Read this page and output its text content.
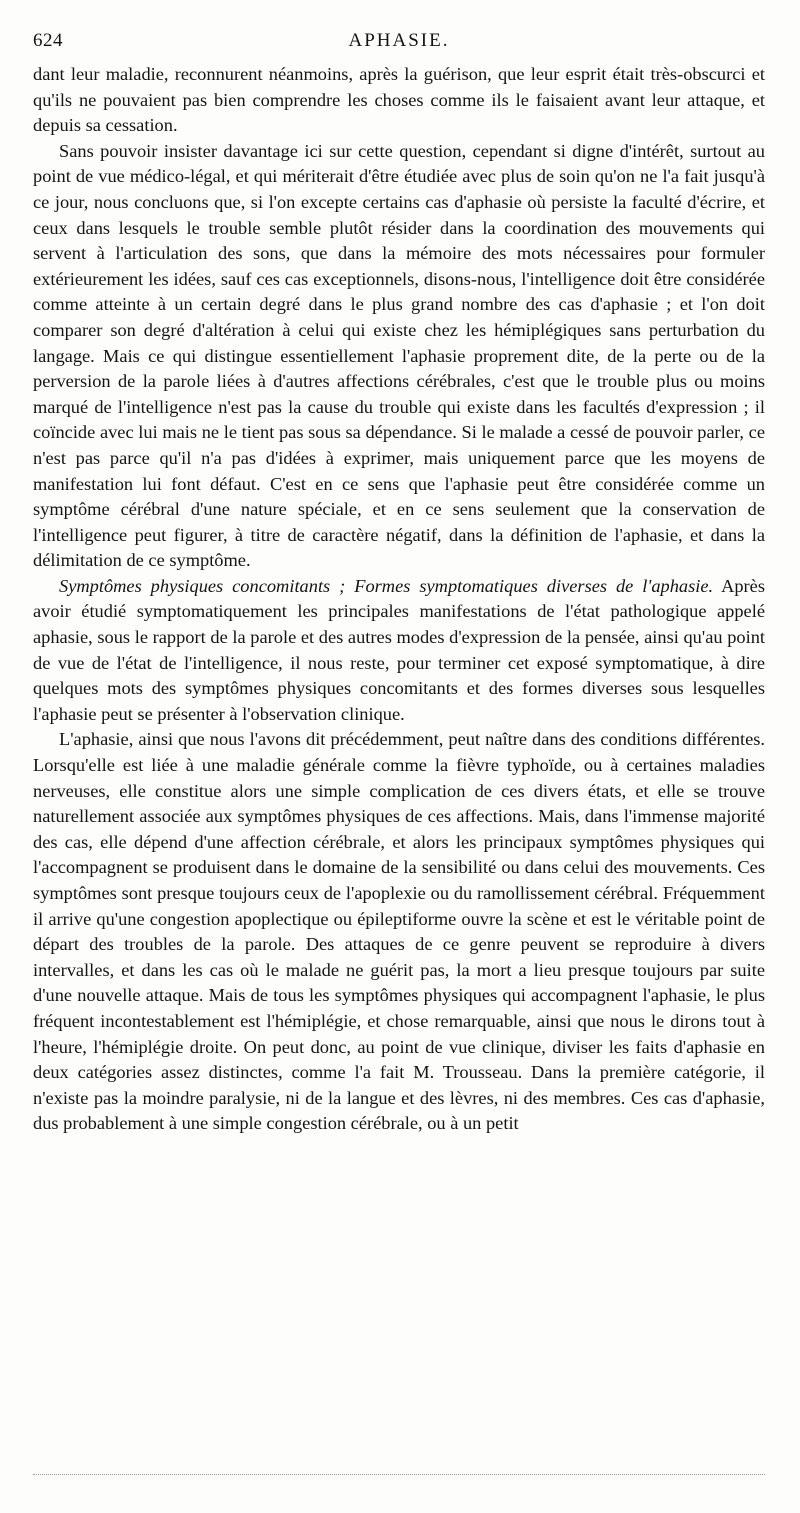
624	APHASIE.

dant leur maladie, reconnurent néanmoins, après la guérison, que leur esprit était très-obscurci et qu'ils ne pouvaient pas bien comprendre les choses comme ils le faisaient avant leur attaque, et depuis sa cessation.

Sans pouvoir insister davantage ici sur cette question, cependant si digne d'intérêt, surtout au point de vue médico-légal, et qui mériterait d'être étudiée avec plus de soin qu'on ne l'a fait jusqu'à ce jour, nous concluons que, si l'on excepte certains cas d'aphasie où persiste la faculté d'écrire, et ceux dans lesquels le trouble semble plutôt résider dans la coordination des mouvements qui servent à l'articulation des sons, que dans la mémoire des mots nécessaires pour formuler extérieurement les idées, sauf ces cas exceptionnels, disons-nous, l'intelligence doit être considérée comme atteinte à un certain degré dans le plus grand nombre des cas d'aphasie ; et l'on doit comparer son degré d'altération à celui qui existe chez les hémiplégiques sans perturbation du langage. Mais ce qui distingue essentiellement l'aphasie proprement dite, de la perte ou de la perversion de la parole liées à d'autres affections cérébrales, c'est que le trouble plus ou moins marqué de l'intelligence n'est pas la cause du trouble qui existe dans les facultés d'expression ; il coïncide avec lui mais ne le tient pas sous sa dépendance. Si le malade a cessé de pouvoir parler, ce n'est pas parce qu'il n'a pas d'idées à exprimer, mais uniquement parce que les moyens de manifestation lui font défaut. C'est en ce sens que l'aphasie peut être considérée comme un symptôme cérébral d'une nature spéciale, et en ce sens seulement que la conservation de l'intelligence peut figurer, à titre de caractère négatif, dans la définition de l'aphasie, et dans la délimitation de ce symptôme.

Symptômes physiques concomitants ; Formes symptomatiques diverses de l'aphasie. Après avoir étudié symptomatiquement les principales manifestations de l'état pathologique appelé aphasie, sous le rapport de la parole et des autres modes d'expression de la pensée, ainsi qu'au point de vue de l'état de l'intelligence, il nous reste, pour terminer cet exposé symptomatique, à dire quelques mots des symptômes physiques concomitants et des formes diverses sous lesquelles l'aphasie peut se présenter à l'observation clinique.

L'aphasie, ainsi que nous l'avons dit précédemment, peut naître dans des conditions différentes. Lorsqu'elle est liée à une maladie générale comme la fièvre typhoïde, ou à certaines maladies nerveuses, elle constitue alors une simple complication de ces divers états, et elle se trouve naturellement associée aux symptômes physiques de ces affections. Mais, dans l'immense majorité des cas, elle dépend d'une affection cérébrale, et alors les principaux symptômes physiques qui l'accompagnent se produisent dans le domaine de la sensibilité ou dans celui des mouvements. Ces symptômes sont presque toujours ceux de l'apoplexie ou du ramollissement cérébral. Fréquemment il arrive qu'une congestion apoplectique ou épileptiforme ouvre la scène et est le véritable point de départ des troubles de la parole. Des attaques de ce genre peuvent se reproduire à divers intervalles, et dans les cas où le malade ne guérit pas, la mort a lieu presque toujours par suite d'une nouvelle attaque. Mais de tous les symptômes physiques qui accompagnent l'aphasie, le plus fréquent incontestablement est l'hémiplégie, et chose remarquable, ainsi que nous le dirons tout à l'heure, l'hémiplégie droite. On peut donc, au point de vue clinique, diviser les faits d'aphasie en deux catégories assez distinctes, comme l'a fait M. Trousseau. Dans la première catégorie, il n'existe pas la moindre paralysie, ni de la langue et des lèvres, ni des membres. Ces cas d'aphasie, dus probablement à une simple congestion cérébrale, ou à un petit
